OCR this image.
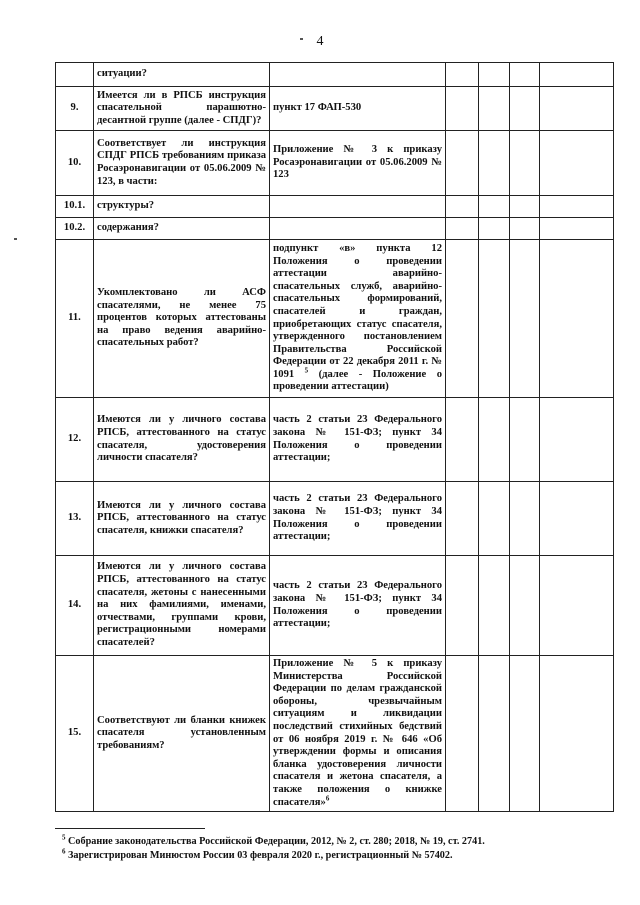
4
	ситуации?					
9.	Имеется ли в РПСБ инструкция спасательной парашютно-десантной группе (далее - СПДГ)?	пункт 17 ФАП-530				
10.	Соответствует ли инструкция СПДГ РПСБ требованиям приказа Росаэронавигации от 05.06.2009 № 123, в части:	Приложение № 3 к приказу Росаэронавигации от 05.06.2009 № 123				
10.1.	структуры?					
10.2.	содержания?					
11.	Укомплектовано ли АСФ спасателями, не менее 75 процентов которых аттестованы на право ведения аварийно-спасательных работ?	подпункт «в» пункта 12 Положения о проведении аттестации аварийно-спасательных служб, аварийно-спасательных формирований, спасателей и граждан, приобретающих статус спасателя, утвержденного постановлением Правительства Российской Федерации от 22 декабря 2011 г. № 1091 $^5$ (далее - Положение о проведении аттестации)				
12.	Имеются ли у личного состава РПСБ, аттестованного на статус спасателя, удостоверения личности спасателя?	часть 2 статьи 23 Федерального закона № 151-ФЗ; пункт 34 Положения о проведении аттестации;				
13.	Имеются ли у личного состава РПСБ, аттестованного на статус спасателя, книжки спасателя?	часть 2 статьи 23 Федерального закона № 151-ФЗ; пункт 34 Положения о проведении аттестации;				
14.	Имеются ли у личного состава РПСБ, аттестованного на статус спасателя, жетоны с нанесенными на них фамилиями, именами, отчествами, группами крови, регистрационными номерами спасателей?	часть 2 статьи 23 Федерального закона № 151-ФЗ; пункт 34 Положения о проведении аттестации;				
15.	Соответствуют ли бланки книжек спасателя установленным требованиям?	Приложение № 5 к приказу Министерства Российской Федерации по делам гражданской обороны, чрезвычайным ситуациям и ликвидации последствий стихийных бедствий от 06 ноября 2019 г. № 646 «Об утверждении формы и описания бланка удостоверения личности спасателя и жетона спасателя, а также положения о книжке спасателя»$^6$				

$^5$ Собрание законодательства Российской Федерации, 2012, № 2, ст. 280; 2018, № 19, ст. 2741.

$^6$ Зарегистрирован Минюстом России 03 февраля 2020 г., регистрационный № 57402.
